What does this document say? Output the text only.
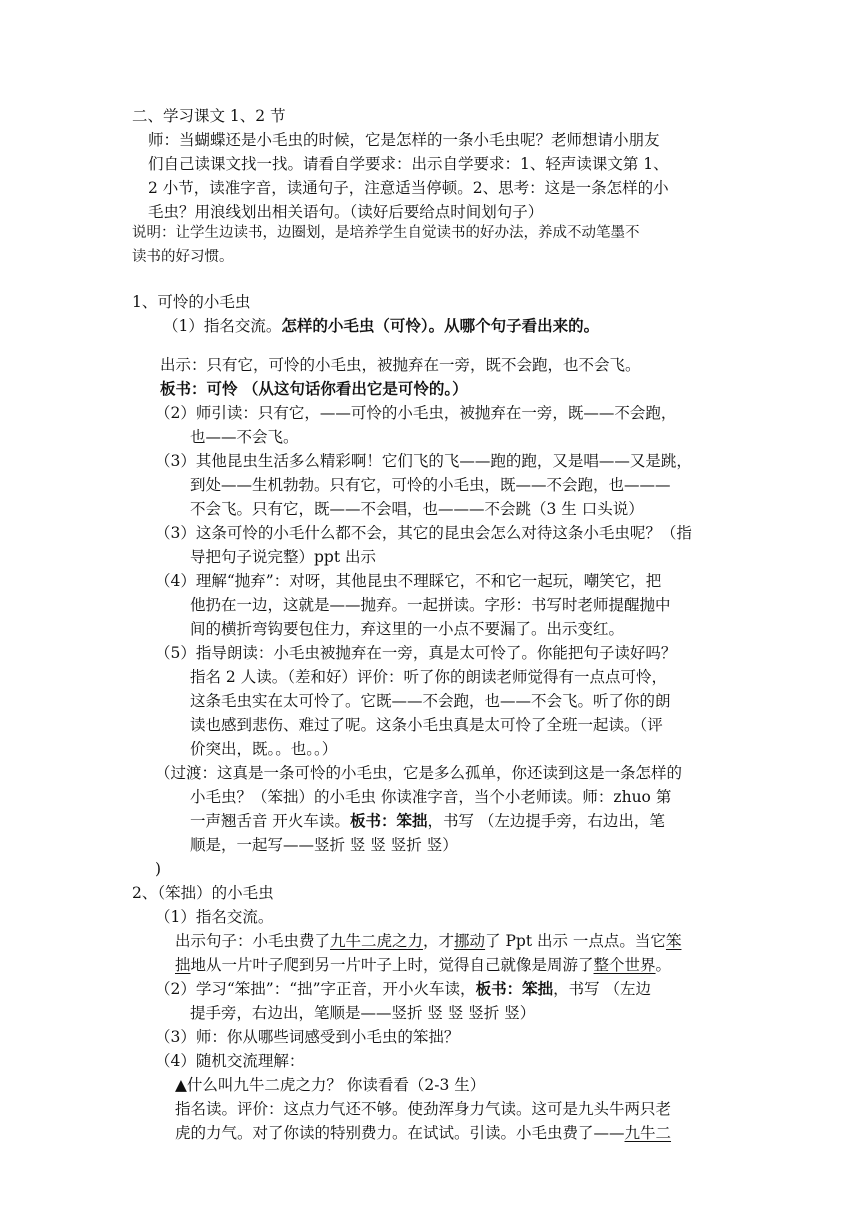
二、学习课文 1、2 节
师：当蝴蝶还是小毛虫的时候，它是怎样的一条小毛虫呢？老师想请小朋友
们自己读课文找一找。请看自学要求：出示自学要求：1、轻声读课文第 1、
2 小节，读准字音，读通句子，注意适当停顿。2、思考：这是一条怎样的小
毛虫？用浪线划出相关语句。（读好后要给点时间划句子）
说明：让学生边读书，边圈划，是培养学生自觉读书的好办法，养成不动笔墨不
读书的好习惯。
1、可怜的小毛虫
（1）指名交流。怎样的小毛虫（可怜）。从哪个句子看出来的。
出示：只有它，可怜的小毛虫，被抛弃在一旁，既不会跑，也不会飞。
板书：可怜 （从这句话你看出它是可怜的。）
（2）师引读：只有它，——可怜的小毛虫，被抛弃在一旁，既——不会跑，
也——不会飞。
（3）其他昆虫生活多么精彩啊！它们飞的飞——跑的跑，又是唱——又是跳，
到处——生机勃勃。只有它，可怜的小毛虫，既——不会跑，也———
不会飞。只有它，既——不会唱，也———不会跳（3 生 口头说）
（3）这条可怜的小毛什么都不会，其它的昆虫会怎么对待这条小毛虫呢？（指
导把句子说完整）ppt 出示
（4）理解“抛弃”：对呀，其他昆虫不理睬它，不和它一起玩，嘲笑它，把
他扔在一边，这就是——抛弃。一起拼读。字形：书写时老师提醒抛中
间的横折弯钩要包住力，弃这里的一小点不要漏了。出示变红。
（5）指导朗读：小毛虫被抛弃在一旁，真是太可怜了。你能把句子读好吗？
指名 2 人读。（差和好）评价：听了你的朗读老师觉得有一点点可怜，
这条毛虫实在太可怜了。它既——不会跑，也——不会飞。听了你的朗
读也感到悲伤、难过了呢。这条小毛虫真是太可怜了全班一起读。（评
价突出，既。。也。。）
（过渡：这真是一条可怜的小毛虫，它是多么孤单，你还读到这是一条怎样的
小毛虫？（笨拙）的小毛虫 你读准字音，当个小老师读。师：zhuo 第
一声翘舌音 开火车读。板书：笨拙，书写 （左边提手旁，右边出，笔
顺是，一起写——竖折 竖 竖 竖折 竖）
)
2、（笨拙）的小毛虫
（1）指名交流。
出示句子：小毛虫费了九牛二虎之力，才挪动了 Ppt 出示 一点点。当它笨
拙地从一片叶子爬到另一片叶子上时，觉得自己就像是周游了整个世界。
（2）学习“笨拙”：“拙”字正音，开小火车读，板书：笨拙，书写 （左边
提手旁，右边出，笔顺是——竖折 竖 竖 竖折 竖）
（3）师：你从哪些词感受到小毛虫的笨拙？
（4）随机交流理解：
▲什么叫九牛二虎之力？ 你读看看（2-3 生）
指名读。评价：这点力气还不够。使劲浑身力气读。这可是九头牛两只老
虎的力气。对了你读的特别费力。在试试。引读。小毛虫费了——九牛二
